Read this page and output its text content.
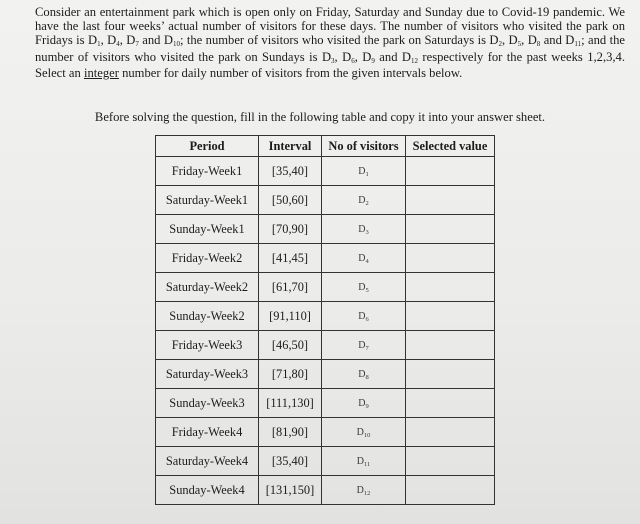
Consider an entertainment park which is open only on Friday, Saturday and Sunday due to Covid-19 pandemic. We have the last four weeks’ actual number of visitors for these days. The number of visitors who visited the park on Fridays is D1, D4, D7 and D10; the number of visitors who visited the park on Saturdays is D2, D5, D8 and D11; and the number of visitors who visited the park on Sundays is D3, D6, D9 and D12 respectively for the past weeks 1,2,3,4. Select an integer number for daily number of visitors from the given intervals below.

Before solving the question, fill in the following table and copy it into your answer sheet.

Period	Interval	No of visitors	Selected value
Friday-Week1	[35,40]	$D_1$	
Saturday-Week1	[50,60]	$D_2$	
Sunday-Week1	[70,90]	$D_3$	
Friday-Week2	[41,45]	$D_4$	
Saturday-Week2	[61,70]	$D_5$	
Sunday-Week2	[91,110]	$D_6$	
Friday-Week3	[46,50]	$D_7$	
Saturday-Week3	[71,80]	$D_8$	
Sunday-Week3	[111,130]	$D_9$	
Friday-Week4	[81,90]	$D_{10}$	
Saturday-Week4	[35,40]	$D_{11}$	
Sunday-Week4	[131,150]	$D_{12}$	
